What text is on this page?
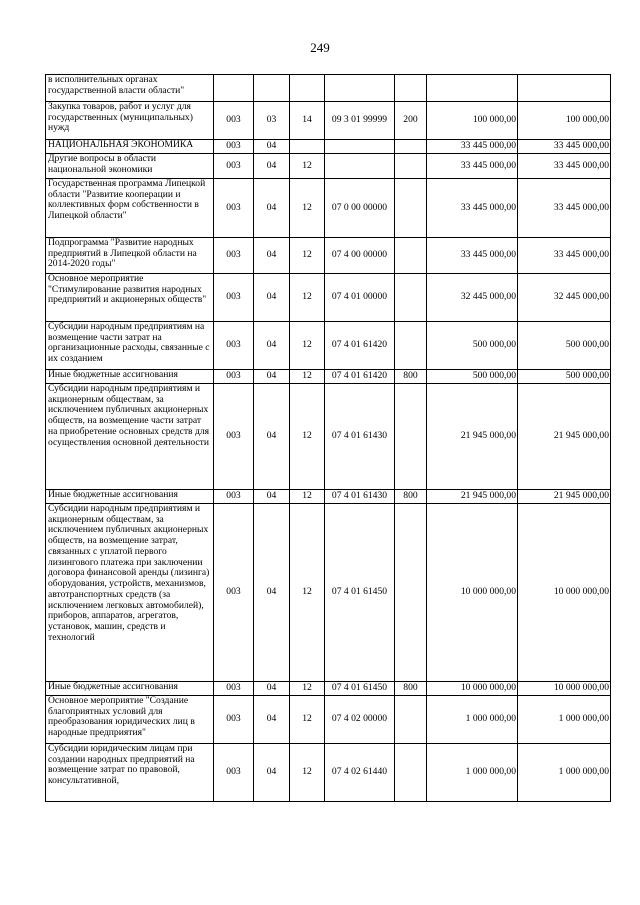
249
в исполнительных органах государственной власти области"							
Закупка товаров, работ и услуг для государственных (муниципальных) нужд	003	03	14	09 3 01 99999	200	100 000,00	100 000,00
НАЦИОНАЛЬНАЯ ЭКОНОМИКА	003	04				33 445 000,00	33 445 000,00
Другие вопросы в области национальной экономики	003	04	12			33 445 000,00	33 445 000,00
Государственная программа Липецкой области "Развитие кооперации и коллективных форм собственности в Липецкой области"	003	04	12	07 0 00 00000		33 445 000,00	33 445 000,00
Подпрограмма "Развитие народных предприятий в Липецкой области на 2014-2020 годы"	003	04	12	07 4 00 00000		33 445 000,00	33 445 000,00
Основное мероприятие "Стимулирование развития народных предприятий и акционерных обществ"	003	04	12	07 4 01 00000		32 445 000,00	32 445 000,00
Субсидии народным предприятиям на возмещение части затрат на организационные расходы, связанные с их созданием	003	04	12	07 4 01 61420		500 000,00	500 000,00
Иные бюджетные ассигнования	003	04	12	07 4 01 61420	800	500 000,00	500 000,00
Субсидии народным предприятиям и акционерным обществам, за исключением публичных акционерных обществ, на возмещение части затрат на приобретение основных средств для осуществления основной деятельности	003	04	12	07 4 01 61430		21 945 000,00	21 945 000,00
Иные бюджетные ассигнования	003	04	12	07 4 01 61430	800	21 945 000,00	21 945 000,00
Субсидии народным предприятиям и акционерным обществам, за исключением публичных акционерных обществ, на возмещение затрат, связанных с уплатой первого лизингового платежа при заключении договора финансовой аренды (лизинга) оборудования, устройств, механизмов, автотранспортных средств (за исключением легковых автомобилей), приборов, аппаратов, агрегатов, установок, машин, средств и технологий	003	04	12	07 4 01 61450		10 000 000,00	10 000 000,00
Иные бюджетные ассигнования	003	04	12	07 4 01 61450	800	10 000 000,00	10 000 000,00
Основное мероприятие "Создание благоприятных условий для преобразования юридических лиц в народные предприятия"	003	04	12	07 4 02 00000		1 000 000,00	1 000 000,00
Субсидии юридическим лицам при создании народных предприятий на возмещение затрат по правовой, консультативной,	003	04	12	07 4 02 61440		1 000 000,00	1 000 000,00
